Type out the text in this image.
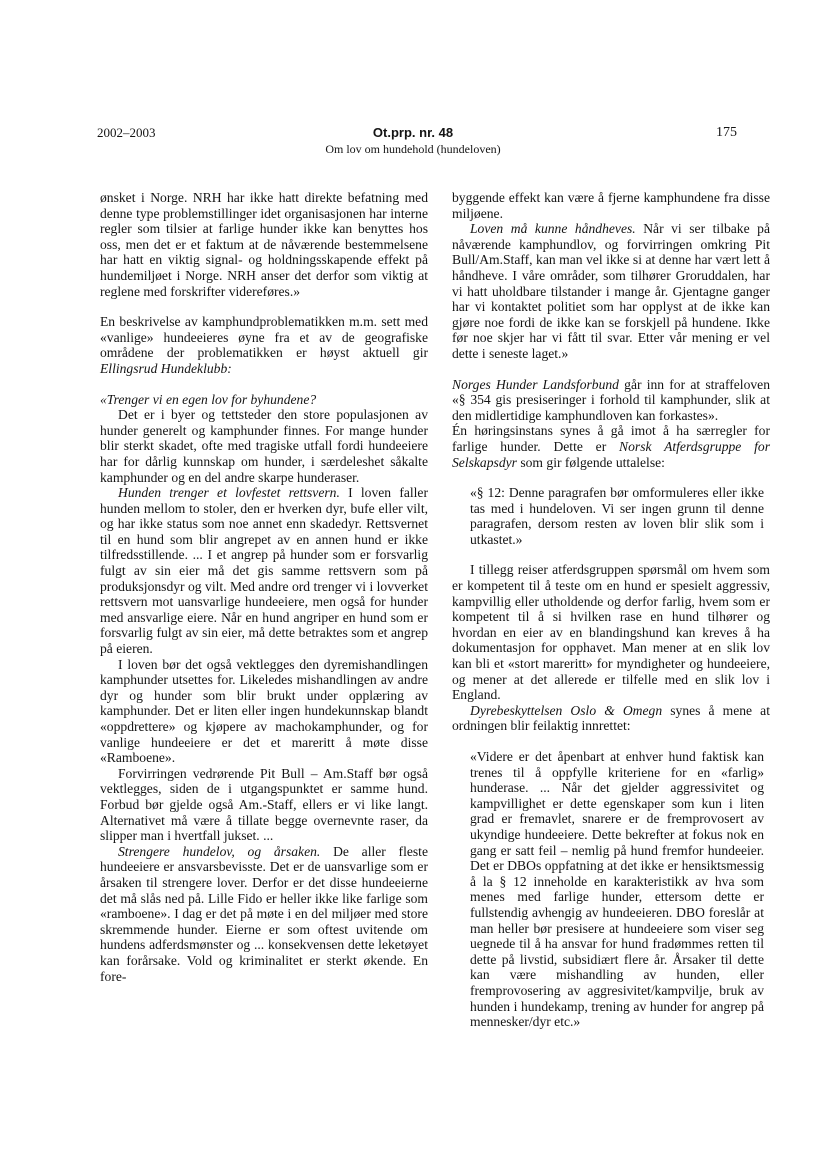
2002–2003	Ot.prp. nr. 48
Om lov om hundehold (hundeloven)
175

ønsket i Norge. NRH har ikke hatt direkte befatning med denne type problemstillinger idet organisasjonen har interne regler som tilsier at farlige hunder ikke kan benyttes hos oss, men det er et faktum at de nåværende bestemmelsene har hatt en viktig signal- og holdningsskapende effekt på hundemiljøet i Norge. NRH anser det derfor som viktig at reglene med forskrifter videreføres.»

En beskrivelse av kamphundproblematikken m.m. sett med «vanlige» hundeeieres øyne fra et av de geografiske områdene der problematikken er høyst aktuell gir Ellingsrud Hundeklubb:

«Trenger vi en egen lov for byhundene?

Det er i byer og tettsteder den store populasjonen av hunder generelt og kamphunder finnes. For mange hunder blir sterkt skadet, ofte med tragiske utfall fordi hundeeiere har for dårlig kunnskap om hunder, i særdeleshet såkalte kamphunder og en del andre skarpe hunderaser.

Hunden trenger et lovfestet rettsvern. I loven faller hunden mellom to stoler, den er hverken dyr, bufe eller vilt, og har ikke status som noe annet enn skadedyr. Rettsvernet til en hund som blir angrepet av en annen hund er ikke tilfredsstillende. ... I et angrep på hunder som er forsvarlig fulgt av sin eier må det gis samme rettsvern som på produksjonsdyr og vilt. Med andre ord trenger vi i lovverket rettsvern mot uansvarlige hundeeiere, men også for hunder med ansvarlige eiere. Når en hund angriper en hund som er forsvarlig fulgt av sin eier, må dette betraktes som et angrep på eieren.

I loven bør det også vektlegges den dyremishandlingen kamphunder utsettes for. Likeledes mishandlingen av andre dyr og hunder som blir brukt under opplæring av kamphunder. Det er liten eller ingen hundekunnskap blandt «oppdrettere» og kjøpere av machokamphunder, og for vanlige hundeeiere er det et mareritt å møte disse «Ramboene».

Forvirringen vedrørende Pit Bull – Am.Staff bør også vektlegges, siden de i utgangspunktet er samme hund. Forbud bør gjelde også Am.-Staff, ellers er vi like langt. Alternativet må være å tillate begge overnevnte raser, da slipper man i hvertfall jukset. ...

Strengere hundelov, og årsaken. De aller fleste hundeeiere er ansvarsbevisste. Det er de uansvarlige som er årsaken til strengere lover. Derfor er det disse hundeeierne det må slås ned på. Lille Fido er heller ikke like farlige som «ramboene». I dag er det på møte i en del miljøer med store skremmende hunder. Eierne er som oftest uvitende om hundens adferdsmønster og ... konsekvensen dette leketøyet kan forårsake. Vold og kriminalitet er sterkt økende. En fore-

byggende effekt kan være å fjerne kamphundene fra disse miljøene.

Loven må kunne håndheves. Når vi ser tilbake på nåværende kamphundlov, og forvirringen omkring Pit Bull/Am.Staff, kan man vel ikke si at denne har vært lett å håndheve. I våre områder, som tilhører Groruddalen, har vi hatt uholdbare tilstander i mange år. Gjentagne ganger har vi kontaktet politiet som har opplyst at de ikke kan gjøre noe fordi de ikke kan se forskjell på hundene. Ikke før noe skjer har vi fått til svar. Etter vår mening er vel dette i seneste laget.»

Norges Hunder Landsforbund går inn for at straffeloven «§ 354 gis presiseringer i forhold til kamphunder, slik at den midlertidige kamphundloven kan forkastes».

Én høringsinstans synes å gå imot å ha særregler for farlige hunder. Dette er Norsk Atferdsgruppe for Selskapsdyr som gir følgende uttalelse:

«§ 12: Denne paragrafen bør omformuleres eller ikke tas med i hundeloven. Vi ser ingen grunn til denne paragrafen, dersom resten av loven blir slik som i utkastet.»

I tillegg reiser atferdsgruppen spørsmål om hvem som er kompetent til å teste om en hund er spesielt aggressiv, kampvillig eller utholdende og derfor farlig, hvem som er kompetent til å si hvilken rase en hund tilhører og hvordan en eier av en blandingshund kan kreves å ha dokumentasjon for opphavet. Man mener at en slik lov kan bli et «stort mareritt» for myndigheter og hundeeiere, og mener at det allerede er tilfelle med en slik lov i England.

Dyrebeskyttelsen Oslo & Omegn synes å mene at ordningen blir feilaktig innrettet:

«Videre er det åpenbart at enhver hund faktisk kan trenes til å oppfylle kriteriene for en «farlig» hunderase. ... Når det gjelder aggressivitet og kampvillighet er dette egenskaper som kun i liten grad er fremavlet, snarere er de fremprovosert av ukyndige hundeeiere. Dette bekrefter at fokus nok en gang er satt feil – nemlig på hund fremfor hundeeier. Det er DBOs oppfatning at det ikke er hensiktsmessig å la § 12 inneholde en karakteristikk av hva som menes med farlige hunder, ettersom dette er fullstendig avhengig av hundeeieren. DBO foreslår at man heller bør presisere at hundeeiere som viser seg uegnede til å ha ansvar for hund fradømmes retten til dette på livstid, subsidiært flere år. Årsaker til dette kan være mishandling av hunden, eller fremprovosering av aggresivitet/kampvilje, bruk av hunden i hundekamp, trening av hunder for angrep på mennesker/dyr etc.»
